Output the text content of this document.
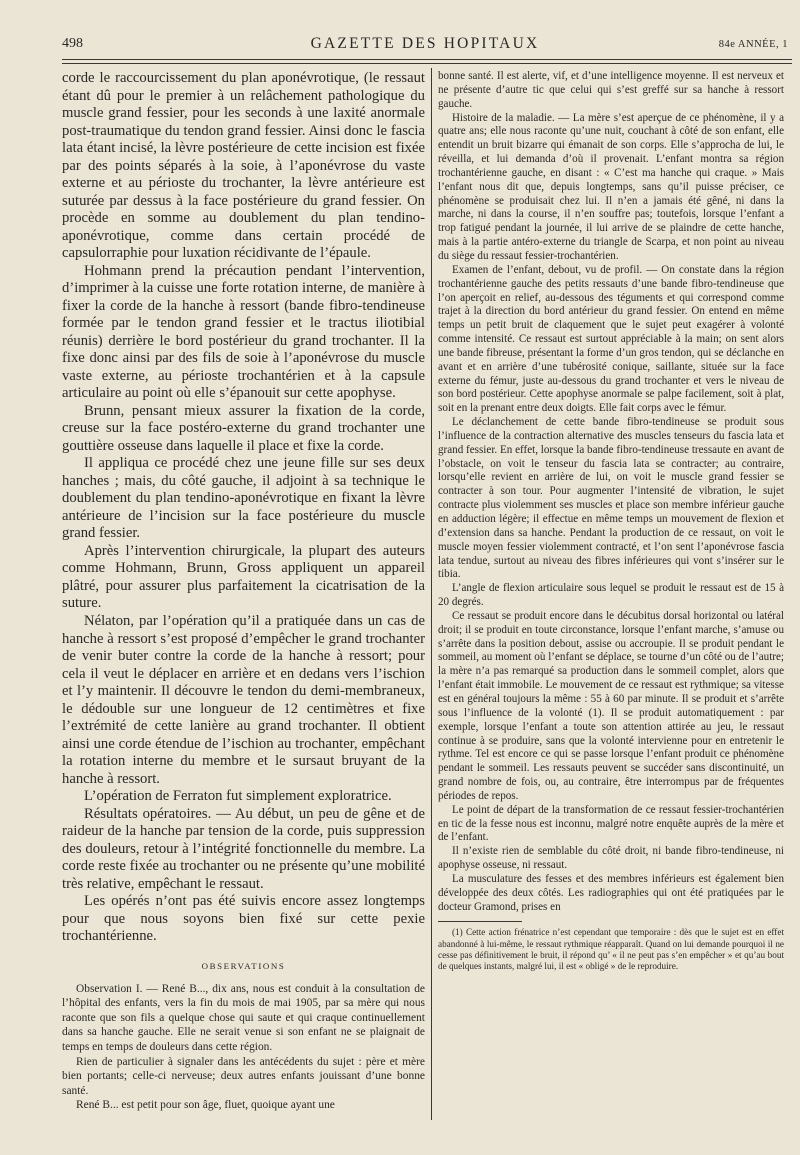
498	GAZETTE DES HOPITAUX	84e ANNÉE, 1

corde le raccourcissement du plan aponévrotique, (le ressaut étant dû pour le premier à un relâchement pathologique du muscle grand fessier, pour les seconds à une laxité anormale post-traumatique du tendon grand fessier. Ainsi donc le fascia lata étant incisé, la lèvre postérieure de cette incision est fixée par des points séparés à la soie, à l’aponévrose du vaste externe et au périoste du trochanter, la lèvre antérieure est suturée par dessus à la face postérieure du grand fessier. On procède en somme au doublement du plan tendino-aponévrotique, comme dans certain procédé de capsulorraphie pour luxation récidivante de l’épaule.

Hohmann prend la précaution pendant l’intervention, d’imprimer à la cuisse une forte rotation interne, de manière à fixer la corde de la hanche à ressort (bande fibro-tendineuse formée par le tendon grand fessier et le tractus iliotibial réunis) derrière le bord postérieur du grand trochanter. Il la fixe donc ainsi par des fils de soie à l’aponévrose du muscle vaste externe, au périoste trochantérien et à la capsule articulaire au point où elle s’épanouit sur cette apophyse.

Brunn, pensant mieux assurer la fixation de la corde, creuse sur la face postéro-externe du grand trochanter une gouttière osseuse dans laquelle il place et fixe la corde.

Il appliqua ce procédé chez une jeune fille sur ses deux hanches ; mais, du côté gauche, il adjoint à sa technique le doublement du plan tendino-aponévrotique en fixant la lèvre antérieure de l’incision sur la face postérieure du muscle grand fessier.

Après l’intervention chirurgicale, la plupart des auteurs comme Hohmann, Brunn, Gross appliquent un appareil plâtré, pour assurer plus parfaitement la cicatrisation de la suture.

Nélaton, par l’opération qu’il a pratiquée dans un cas de hanche à ressort s’est proposé d’empêcher le grand trochanter de venir buter contre la corde de la hanche à ressort; pour cela il veut le déplacer en arrière et en dedans vers l’ischion et l’y maintenir. Il découvre le tendon du demi-membraneux, le dédouble sur une longueur de 12 centimètres et fixe l’extrémité de cette lanière au grand trochanter. Il obtient ainsi une corde étendue de l’ischion au trochanter, empêchant la rotation interne du membre et le sursaut bruyant de la hanche à ressort.

L’opération de Ferraton fut simplement exploratrice.

Résultats opératoires. — Au début, un peu de gêne et de raideur de la hanche par tension de la corde, puis suppression des douleurs, retour à l’intégrité fonctionnelle du membre. La corde reste fixée au trochanter ou ne présente qu’une mobilité très relative, empêchant le ressaut.

Les opérés n’ont pas été suivis encore assez longtemps pour que nous soyons bien fixé sur cette pexie trochantérienne.

OBSERVATIONS

Observation I. — René B..., dix ans, nous est conduit à la consultation de l’hôpital des enfants, vers la fin du mois de mai 1905, par sa mère qui nous raconte que son fils a quelque chose qui saute et qui craque continuellement dans sa hanche gauche. Elle ne serait venue si son enfant ne se plaignait de temps en temps de douleurs dans cette région.

Rien de particulier à signaler dans les antécédents du sujet : père et mère bien portants; celle-ci nerveuse; deux autres enfants jouissant d’une bonne santé.

René B... est petit pour son âge, fluet, quoique ayant une

bonne santé. Il est alerte, vif, et d’une intelligence moyenne. Il est nerveux et ne présente d’autre tic que celui qui s’est greffé sur sa hanche à ressort gauche.

Histoire de la maladie. — La mère s’est aperçue de ce phénomène, il y a quatre ans; elle nous raconte qu’une nuit, couchant à côté de son enfant, elle entendit un bruit bizarre qui émanait de son corps. Elle s’approcha de lui, le réveilla, et lui demanda d’où il provenait. L’enfant montra sa région trochantérienne gauche, en disant : « C’est ma hanche qui craque. » Mais l’enfant nous dit que, depuis longtemps, sans qu’il puisse préciser, ce phénomène se produisait chez lui. Il n’en a jamais été gêné, ni dans la marche, ni dans la course, il n’en souffre pas; toutefois, lorsque l’enfant a trop fatigué pendant la journée, il lui arrive de se plaindre de cette hanche, mais à la partie antéro-externe du triangle de Scarpa, et non point au niveau du siège du ressaut fessier-trochantérien.

Examen de l’enfant, debout, vu de profil. — On constate dans la région trochantérienne gauche des petits ressauts d’une bande fibro-tendineuse que l’on aperçoit en relief, au-dessous des téguments et qui correspond comme trajet à la direction du bord antérieur du grand fessier. On entend en même temps un petit bruit de claquement que le sujet peut exagérer à volonté comme intensité. Ce ressaut est surtout appréciable à la main; on sent alors une bande fibreuse, présentant la forme d’un gros tendon, qui se déclanche en avant et en arrière d’une tubérosité conique, saillante, située sur la face externe du fémur, juste au-dessous du grand trochanter et vers le niveau de son bord postérieur. Cette apophyse anormale se palpe facilement, soit à plat, soit en la prenant entre deux doigts. Elle fait corps avec le fémur.

Le déclanchement de cette bande fibro-tendineuse se produit sous l’influence de la contraction alternative des muscles tenseurs du fascia lata et grand fessier. En effet, lorsque la bande fibro-tendineuse tressaute en avant de l’obstacle, on voit le tenseur du fascia lata se contracter; au contraire, lorsqu’elle revient en arrière de lui, on voit le muscle grand fessier se contracter à son tour. Pour augmenter l’intensité de vibration, le sujet contracte plus violemment ses muscles et place son membre inférieur gauche en adduction légère; il effectue en même temps un mouvement de flexion et d’extension dans sa hanche. Pendant la production de ce ressaut, on voit le muscle moyen fessier violemment contracté, et l’on sent l’aponévrose fascia lata tendue, surtout au niveau des fibres inférieures qui vont s’insérer sur le tibia.

L’angle de flexion articulaire sous lequel se produit le ressaut est de 15 à 20 degrés.

Ce ressaut se produit encore dans le décubitus dorsal horizontal ou latéral droit; il se produit en toute circonstance, lorsque l’enfant marche, s’amuse ou s’arrête dans la position debout, assise ou accroupie. Il se produit pendant le sommeil, au moment où l’enfant se déplace, se tourne d’un côté ou de l’autre; la mère n’a pas remarqué sa production dans le sommeil complet, alors que l’enfant était immobile. Le mouvement de ce ressaut est rythmique; sa vitesse est en général toujours la même : 55 à 60 par minute. Il se produit et s’arrête sous l’influence de la volonté (1). Il se produit automatiquement : par exemple, lorsque l’enfant a toute son attention attirée au jeu, le ressaut continue à se produire, sans que la volonté intervienne pour en entretenir le rythme. Tel est encore ce qui se passe lorsque l’enfant produit ce phénomène pendant le sommeil. Les ressauts peuvent se succéder sans discontinuité, un grand nombre de fois, ou, au contraire, être interrompus par de fréquentes périodes de repos.

Le point de départ de la transformation de ce ressaut fessier-trochantérien en tic de la fesse nous est inconnu, malgré notre enquête auprès de la mère et de l’enfant.

Il n’existe rien de semblable du côté droit, ni bande fibro-tendineuse, ni apophyse osseuse, ni ressaut.

La musculature des fesses et des membres inférieurs est également bien développée des deux côtés. Les radiographies qui ont été pratiquées par le docteur Gramond, prises en

(1) Cette action frénatrice n’est cependant que temporaire : dès que le sujet est en effet abandonné à lui-même, le ressaut rythmique réapparaît. Quand on lui demande pourquoi il ne cesse pas définitivement le bruit, il répond qu’ « il ne peut pas s’en empêcher » et qu’au bout de quelques instants, malgré lui, il est « obligé » de le reproduire.
